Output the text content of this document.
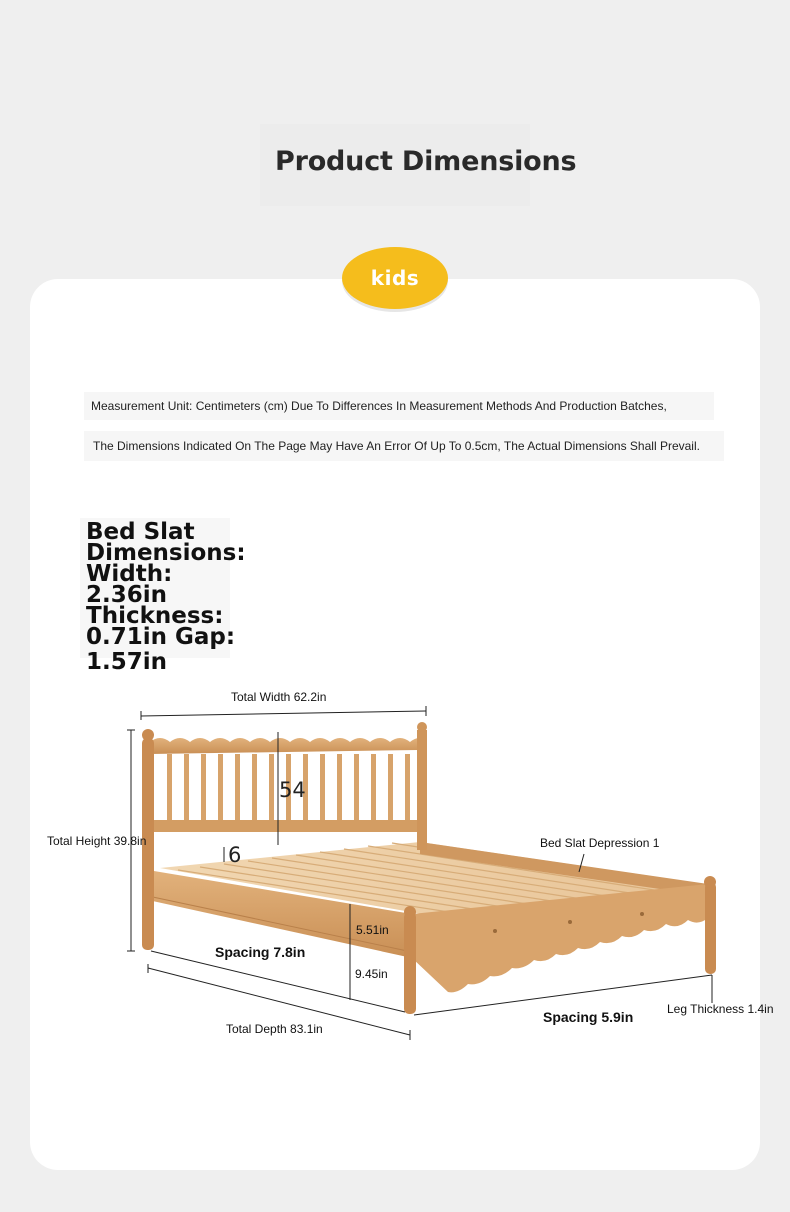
Product Dimensions
kids
Measurement Unit: Centimeters (cm) Due To Differences In Measurement Methods And Production Batches,
The Dimensions Indicated On The Page May Have An Error Of Up To 0.5cm, The Actual Dimensions Shall Prevail.
Bed Slat
Dimensions:
Width:
2.36in
Thickness:
0.71in Gap:
1.57in
Total Width 62.2in
Total Height 39.8in
54
6	Bed Slat Depression 1
Spacing 7.8in
5.51in
9.45in
Total Depth 83.1in
Spacing 5.9in	Leg Thickness 1.4in
